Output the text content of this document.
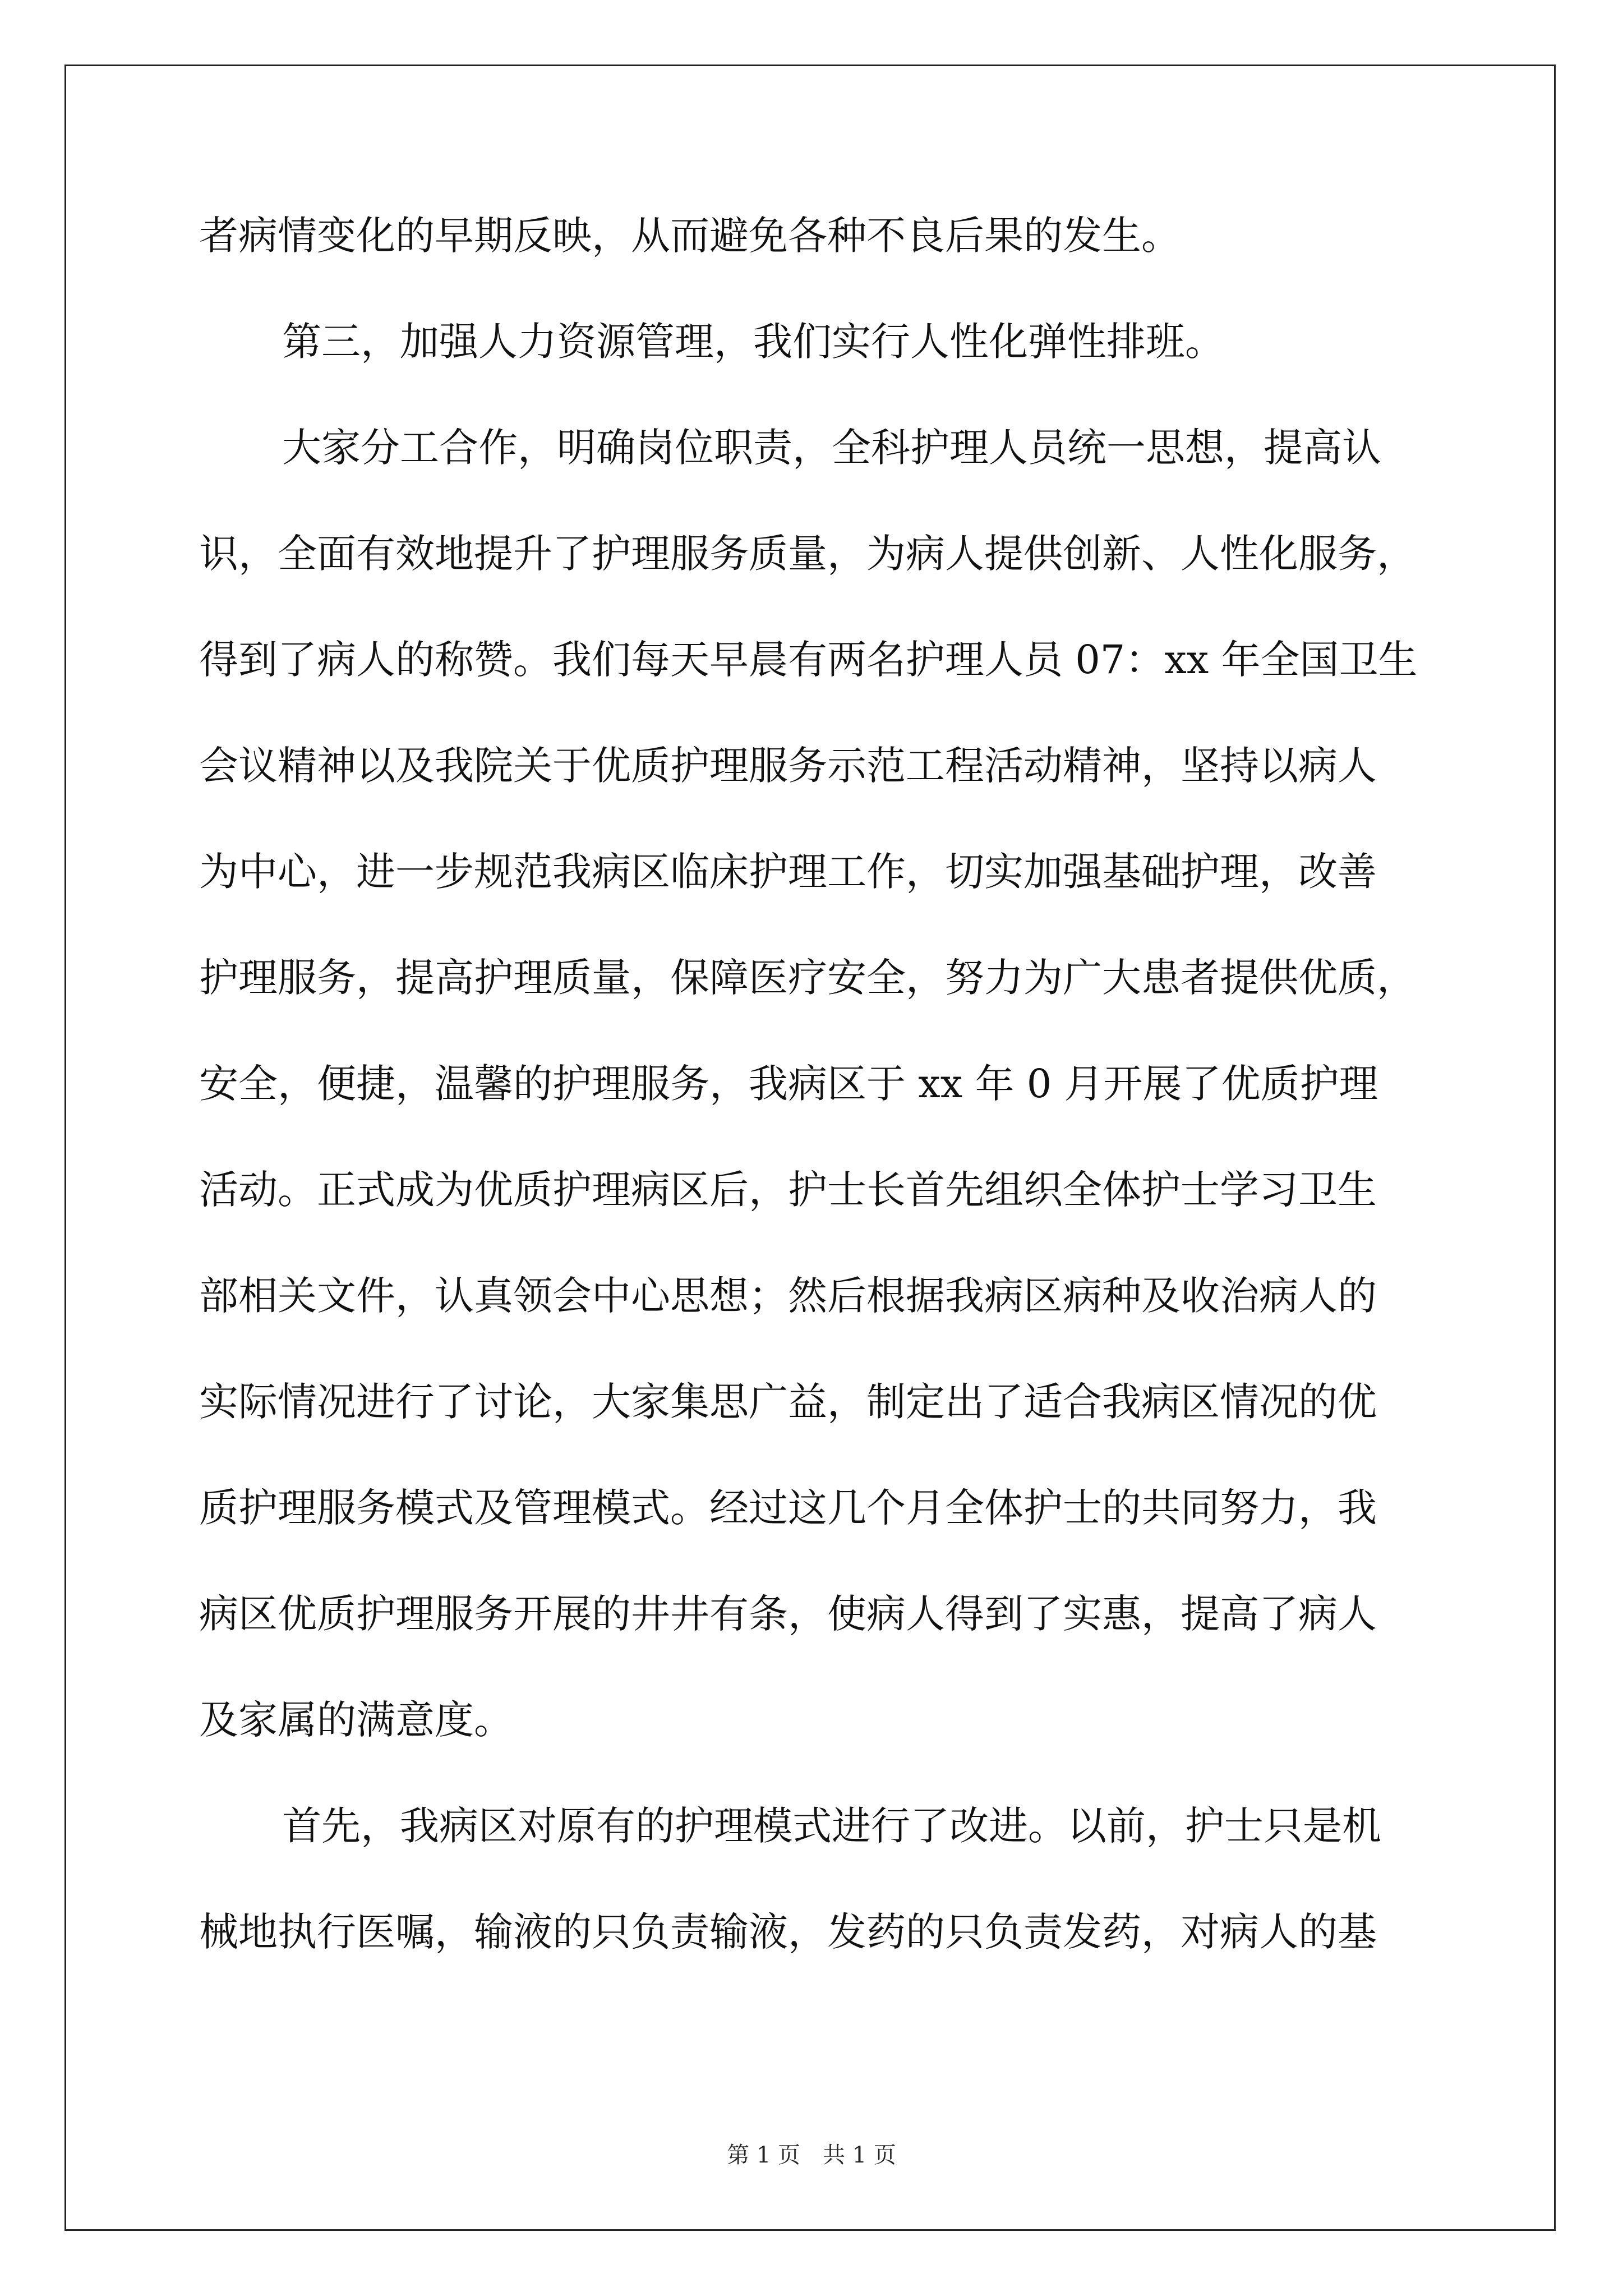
者病情变化的早期反映，从而避免各种不良后果的发生。
第三，加强人力资源管理，我们实行人性化弹性排班。
大家分工合作，明确岗位职责，全科护理人员统一思想，提高认
识，全面有效地提升了护理服务质量，为病人提供创新、人性化服务，
得到了病人的称赞。我们每天早晨有两名护理人员 07：xx 年全国卫生
会议精神以及我院关于优质护理服务示范工程活动精神，坚持以病人
为中心，进一步规范我病区临床护理工作，切实加强基础护理，改善
护理服务，提高护理质量，保障医疗安全，努力为广大患者提供优质，
安全，便捷，温馨的护理服务，我病区于 xx 年 0 月开展了优质护理
活动。正式成为优质护理病区后，护士长首先组织全体护士学习卫生
部相关文件，认真领会中心思想；然后根据我病区病种及收治病人的
实际情况进行了讨论，大家集思广益，制定出了适合我病区情况的优
质护理服务模式及管理模式。经过这几个月全体护士的共同努力，我
病区优质护理服务开展的井井有条，使病人得到了实惠，提高了病人
及家属的满意度。
首先，我病区对原有的护理模式进行了改进。以前，护士只是机
械地执行医嘱，输液的只负责输液，发药的只负责发药，对病人的基
第 1 页　共 1 页
